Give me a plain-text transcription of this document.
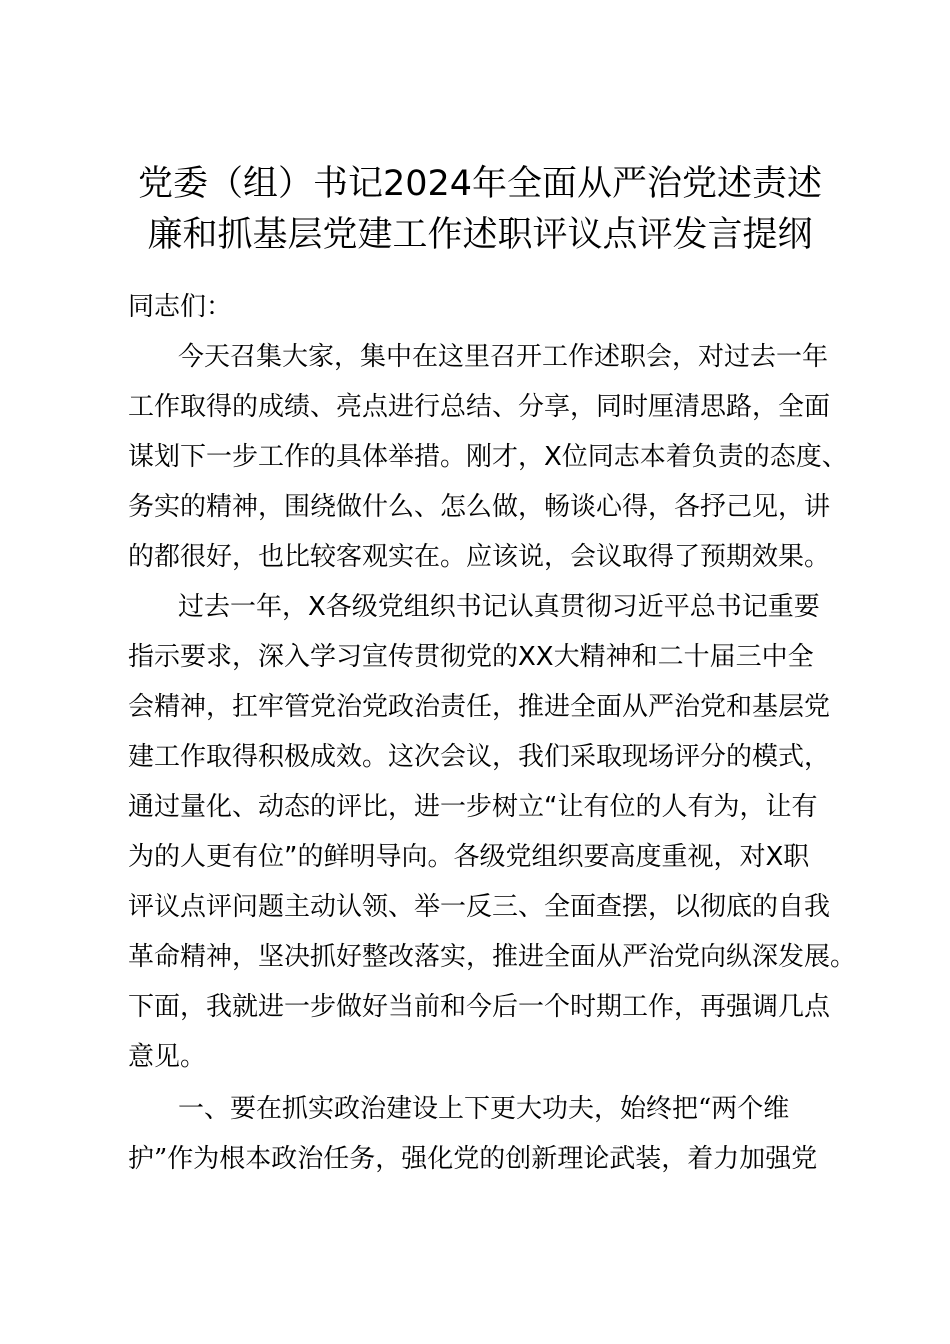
党委（组）书记2024年全面从严治党述责述
廉和抓基层党建工作述职评议点评发言提纲

同志们：

今天召集大家，集中在这里召开工作述职会，对过去一年

工作取得的成绩、亮点进行总结、分享，同时厘清思路，全面

谋划下一步工作的具体举措。刚才，X位同志本着负责的态度、

务实的精神，围绕做什么、怎么做，畅谈心得，各抒己见，讲

的都很好，也比较客观实在。应该说，会议取得了预期效果。

过去一年，X各级党组织书记认真贯彻习近平总书记重要

指示要求，深入学习宣传贯彻党的XX大精神和二十届三中全

会精神，扛牢管党治党政治责任，推进全面从严治党和基层党

建工作取得积极成效。这次会议，我们采取现场评分的模式，

通过量化、动态的评比，进一步树立“让有位的人有为，让有

为的人更有位”的鲜明导向。各级党组织要高度重视，对X职

评议点评问题主动认领、举一反三、全面查摆，以彻底的自我

革命精神，坚决抓好整改落实，推进全面从严治党向纵深发展。

下面，我就进一步做好当前和今后一个时期工作，再强调几点

意见。

一、要在抓实政治建设上下更大功夫，始终把“两个维

护”作为根本政治任务，强化党的创新理论武装，着力加强党
